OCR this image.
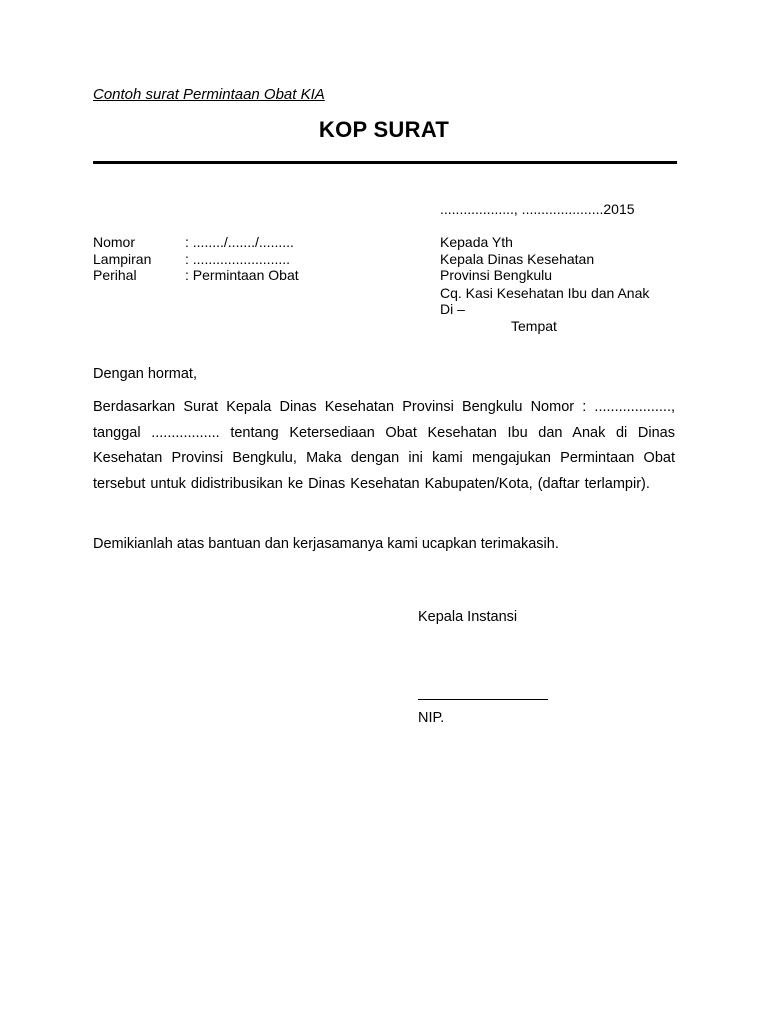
Contoh surat Permintaan Obat KIA
KOP SURAT
..................., .....................2015
Nomor	: ......../......./.........
Lampiran : .........................
Perihal	: Permintaan Obat
Kepada Yth
Kepala Dinas Kesehatan
Provinsi Bengkulu
Cq. Kasi Kesehatan Ibu dan Anak
Di –
Tempat
Dengan hormat,
Berdasarkan Surat Kepala Dinas Kesehatan Provinsi Bengkulu Nomor : ..................., tanggal ................. tentang Ketersediaan Obat Kesehatan Ibu dan Anak di Dinas Kesehatan Provinsi Bengkulu, Maka dengan ini kami mengajukan Permintaan Obat tersebut untuk didistribusikan ke Dinas Kesehatan Kabupaten/Kota, (daftar terlampir).
Demikianlah atas bantuan dan kerjasamanya kami ucapkan terimakasih.
Kepala Instansi
NIP.
